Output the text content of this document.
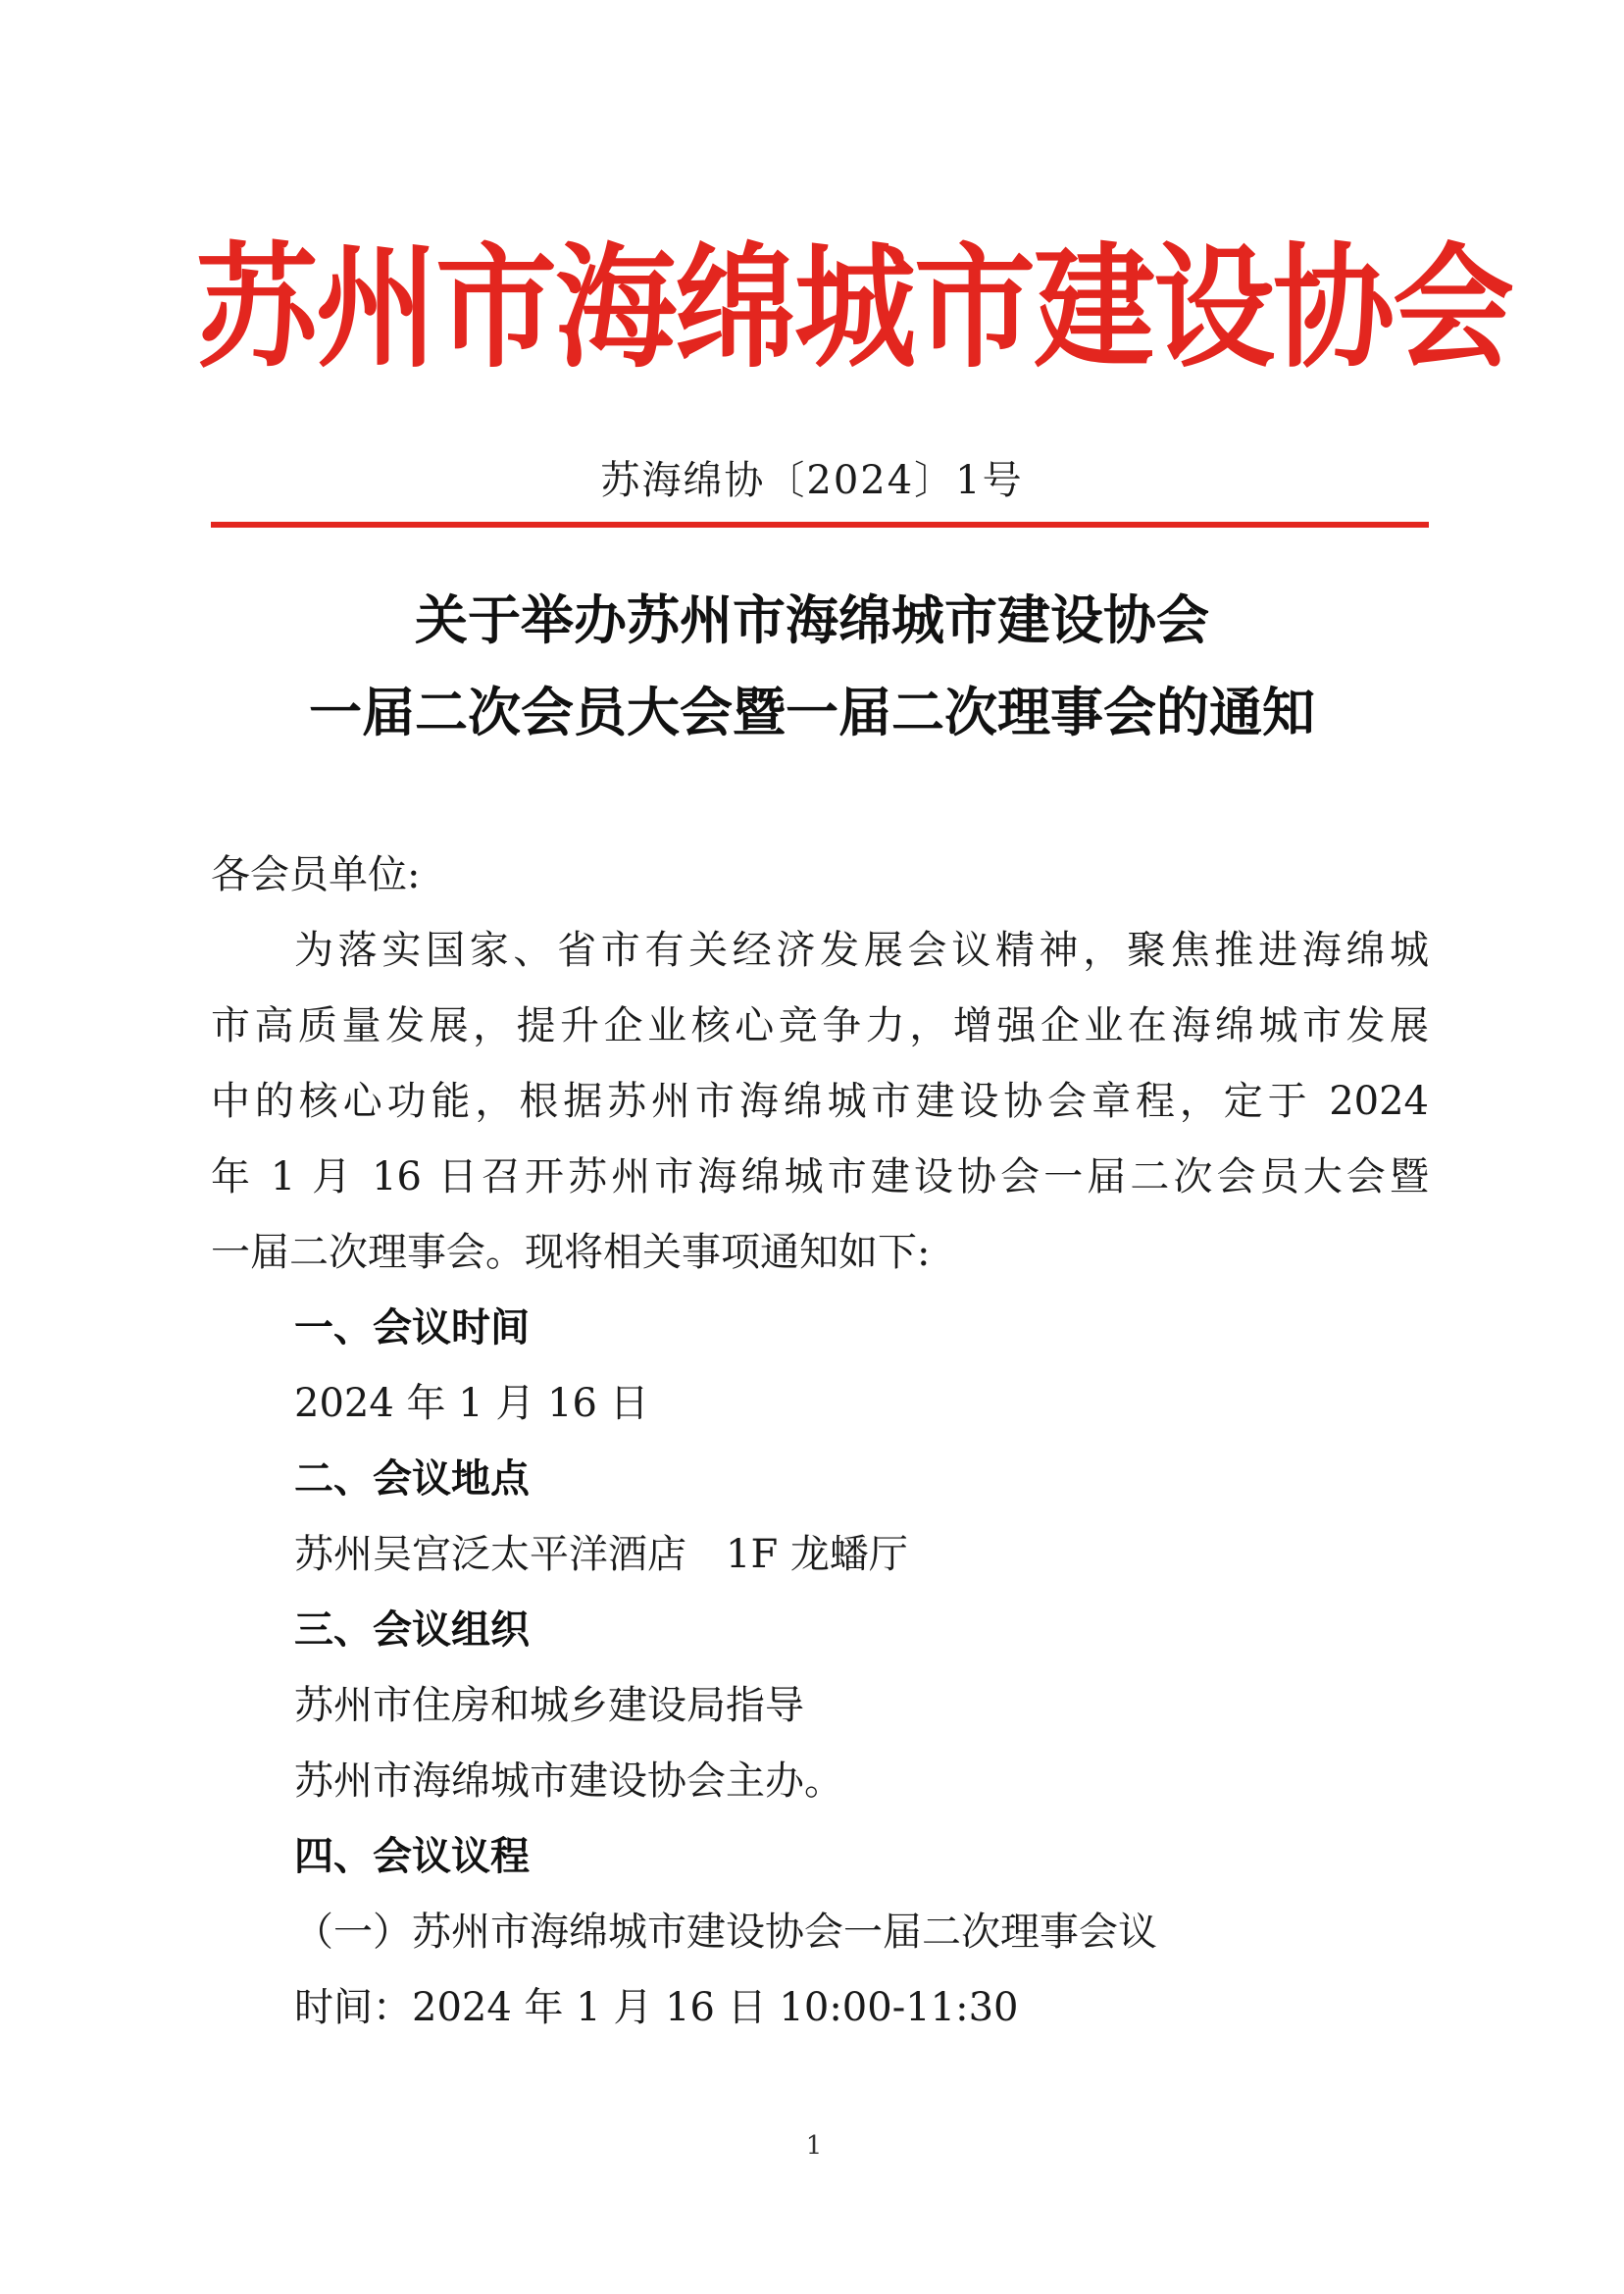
苏州市海绵城市建设协会
苏海绵协〔2024〕1号
关于举办苏州市海绵城市建设协会
一届二次会员大会暨一届二次理事会的通知
各会员单位:
为落实国家、省市有关经济发展会议精神，聚焦推进海绵城
市高质量发展，提升企业核心竞争力，增强企业在海绵城市发展
中的核心功能，根据苏州市海绵城市建设协会章程，定于 2024
年 1 月 16 日召开苏州市海绵城市建设协会一届二次会员大会暨
一届二次理事会。现将相关事项通知如下:
一、会议时间
2024 年 1 月 16 日
二、会议地点
苏州吴宫泛太平洋酒店　1F 龙蟠厅
三、会议组织
苏州市住房和城乡建设局指导
苏州市海绵城市建设协会主办。
四、会议议程
（一）苏州市海绵城市建设协会一届二次理事会议
时间：2024 年 1 月 16 日 10:00-11:30
1
